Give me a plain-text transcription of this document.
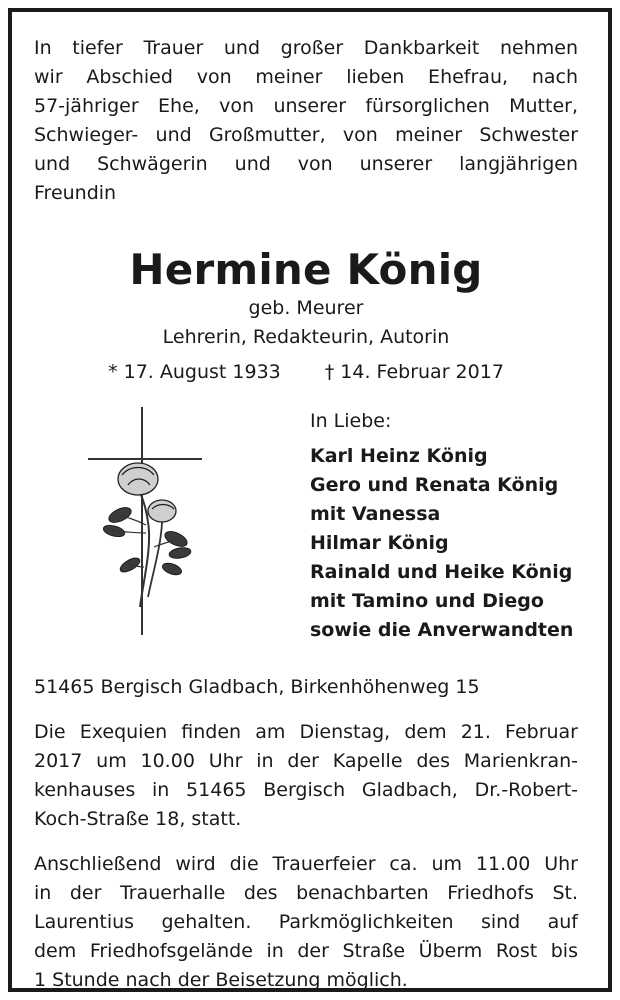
In tiefer Trauer und großer Dankbarkeit nehmen
wir Abschied von meiner lieben Ehefrau, nach
57-jähriger Ehe, von unserer fürsorglichen Mutter,
Schwieger- und Großmutter, von meiner Schwester
und Schwägerin und von unserer langjährigen
Freundin
Hermine König
geb. Meurer
Lehrerin, Redakteurin, Autorin
* 17. August 1933 † 14. Februar 2017
In Liebe:
Karl Heinz König
Gero und Renata König
mit Vanessa
Hilmar König
Rainald und Heike König
mit Tamino und Diego
sowie die Anverwandten
51465 Bergisch Gladbach, Birkenhöhenweg 15
Die Exequien finden am Dienstag, dem 21. Februar
2017 um 10.00 Uhr in der Kapelle des Marienkran-
kenhauses in 51465 Bergisch Gladbach, Dr.-Robert-
Koch-Straße 18, statt.
Anschließend wird die Trauerfeier ca. um 11.00 Uhr
in der Trauerhalle des benachbarten Friedhofs St.
Laurentius gehalten. Parkmöglichkeiten sind auf
dem Friedhofsgelände in der Straße Überm Rost bis
1 Stunde nach der Beisetzung möglich.
